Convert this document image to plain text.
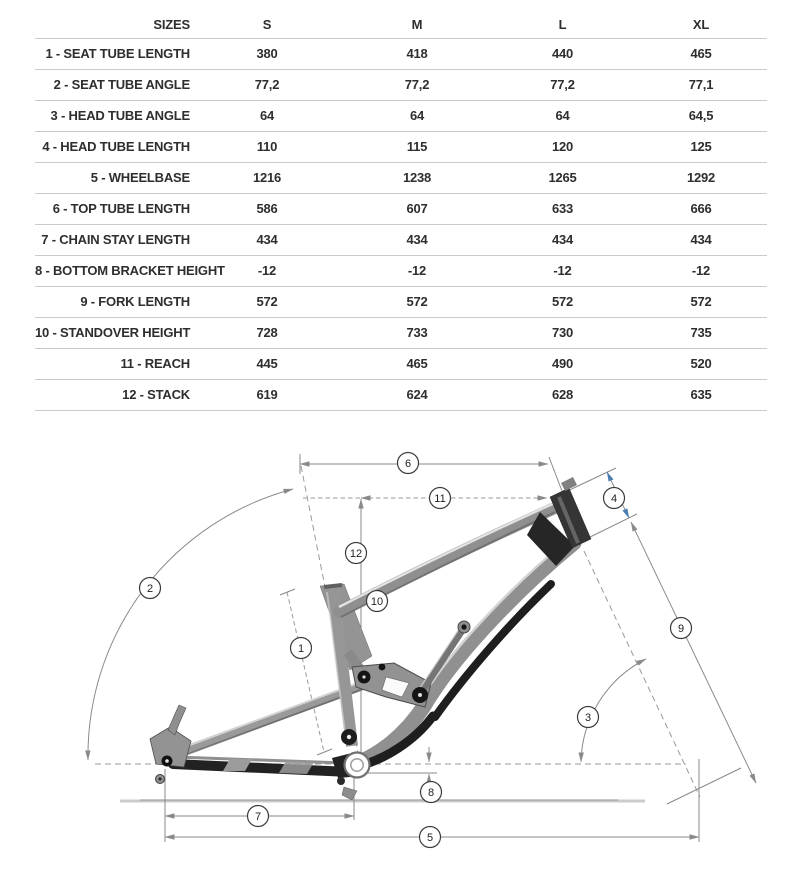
SIZES	S	M	L	XL
1 - SEAT TUBE LENGTH	380	418	440	465
2 - SEAT TUBE ANGLE	77,2	77,2	77,2	77,1
3 - HEAD TUBE ANGLE	64	64	64	64,5
4 - HEAD TUBE LENGTH	110	115	120	125
5 - WHEELBASE	1216	1238	1265	1292
6 - TOP TUBE LENGTH	586	607	633	666
7 - CHAIN STAY LENGTH	434	434	434	434
8 - BOTTOM BRACKET HEIGHT	-12	-12	-12	-12
9 - FORK LENGTH	572	572	572	572
10 - STANDOVER HEIGHT	728	733	730	735
11 - REACH	445	465	490	520
12 - STACK	619	624	628	635
1
2
3
4
5
6
7
8
9
10
11
12
